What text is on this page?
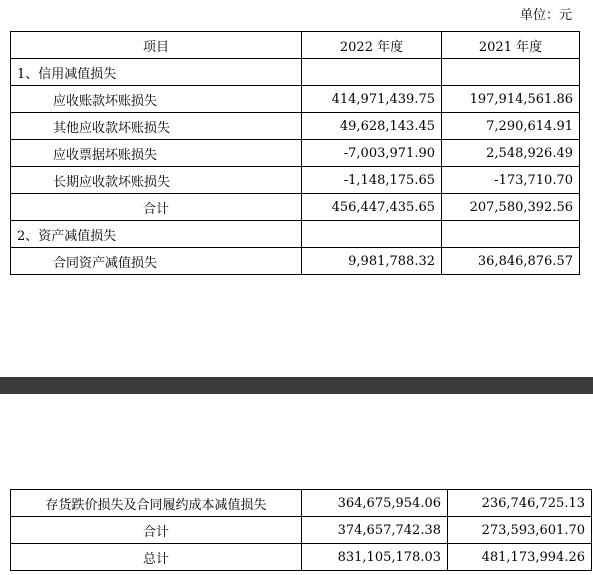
单位：元
项目	2022 年度	2021 年度
1、信用减值损失		
应收账款坏账损失	414,971,439.75	197,914,561.86
其他应收款坏账损失	49,628,143.45	7,290,614.91
应收票据坏账损失	-7,003,971.90	2,548,926.49
长期应收款坏账损失	-1,148,175.65	-173,710.70
合计	456,447,435.65	207,580,392.56
2、资产减值损失		
合同资产减值损失	9,981,788.32	36,846,876.57
存货跌价损失及合同履约成本减值损失	364,675,954.06	236,746,725.13
合计	374,657,742.38	273,593,601.70
总计	831,105,178.03	481,173,994.26
